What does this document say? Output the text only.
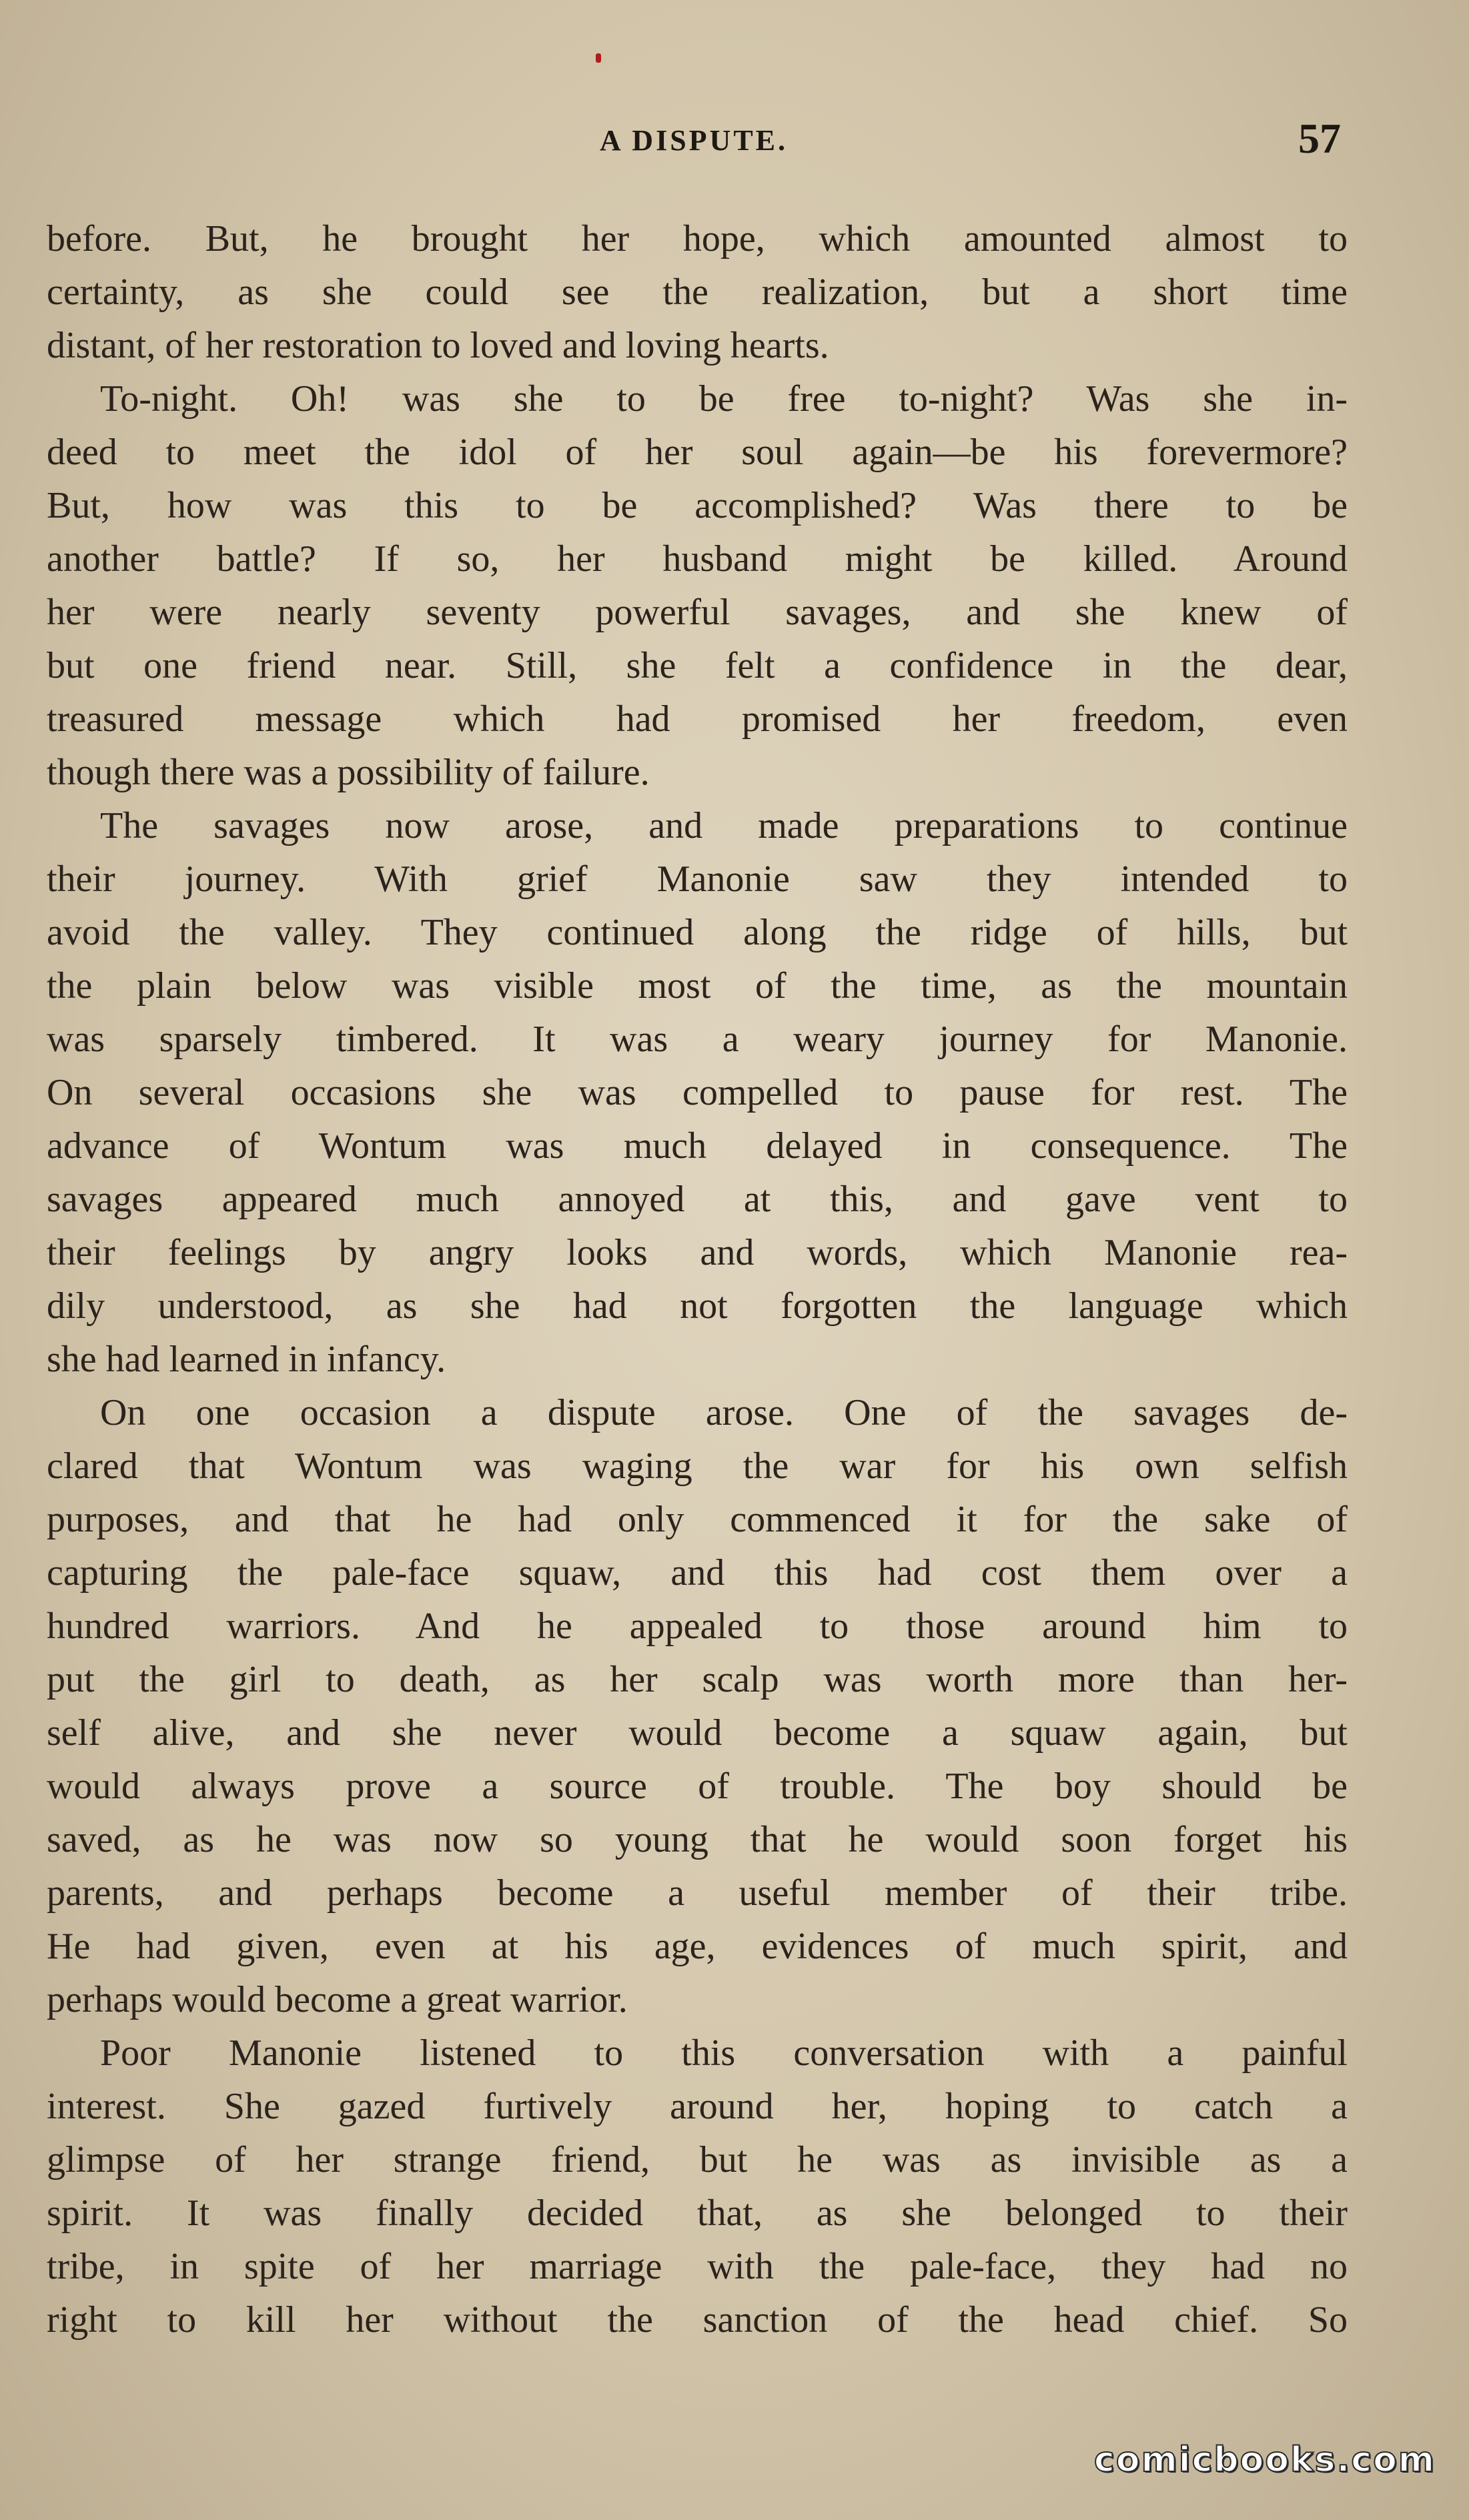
A DISPUTE.	57
before. But, he brought her hope, which amounted almost to
certainty, as she could see the realization, but a short time
distant, of her restoration to loved and loving hearts.
To-night. Oh! was she to be free to-night? Was she in-
deed to meet the idol of her soul again—be his forevermore?
But, how was this to be accomplished? Was there to be
another battle? If so, her husband might be killed. Around
her were nearly seventy powerful savages, and she knew of
but one friend near. Still, she felt a confidence in the dear,
treasured message which had promised her freedom, even
though there was a possibility of failure.
The savages now arose, and made preparations to continue
their journey. With grief Manonie saw they intended to
avoid the valley. They continued along the ridge of hills, but
the plain below was visible most of the time, as the mountain
was sparsely timbered. It was a weary journey for Manonie.
On several occasions she was compelled to pause for rest. The
advance of Wontum was much delayed in consequence. The
savages appeared much annoyed at this, and gave vent to
their feelings by angry looks and words, which Manonie rea-
dily understood, as she had not forgotten the language which
she had learned in infancy.
On one occasion a dispute arose. One of the savages de-
clared that Wontum was waging the war for his own selfish
purposes, and that he had only commenced it for the sake of
capturing the pale-face squaw, and this had cost them over a
hundred warriors. And he appealed to those around him to
put the girl to death, as her scalp was worth more than her-
self alive, and she never would become a squaw again, but
would always prove a source of trouble. The boy should be
saved, as he was now so young that he would soon forget his
parents, and perhaps become a useful member of their tribe.
He had given, even at his age, evidences of much spirit, and
perhaps would become a great warrior.
Poor Manonie listened to this conversation with a painful
interest. She gazed furtively around her, hoping to catch a
glimpse of her strange friend, but he was as invisible as a
spirit. It was finally decided that, as she belonged to their
tribe, in spite of her marriage with the pale-face, they had no
right to kill her without the sanction of the head chief. So
comicbooks.com
